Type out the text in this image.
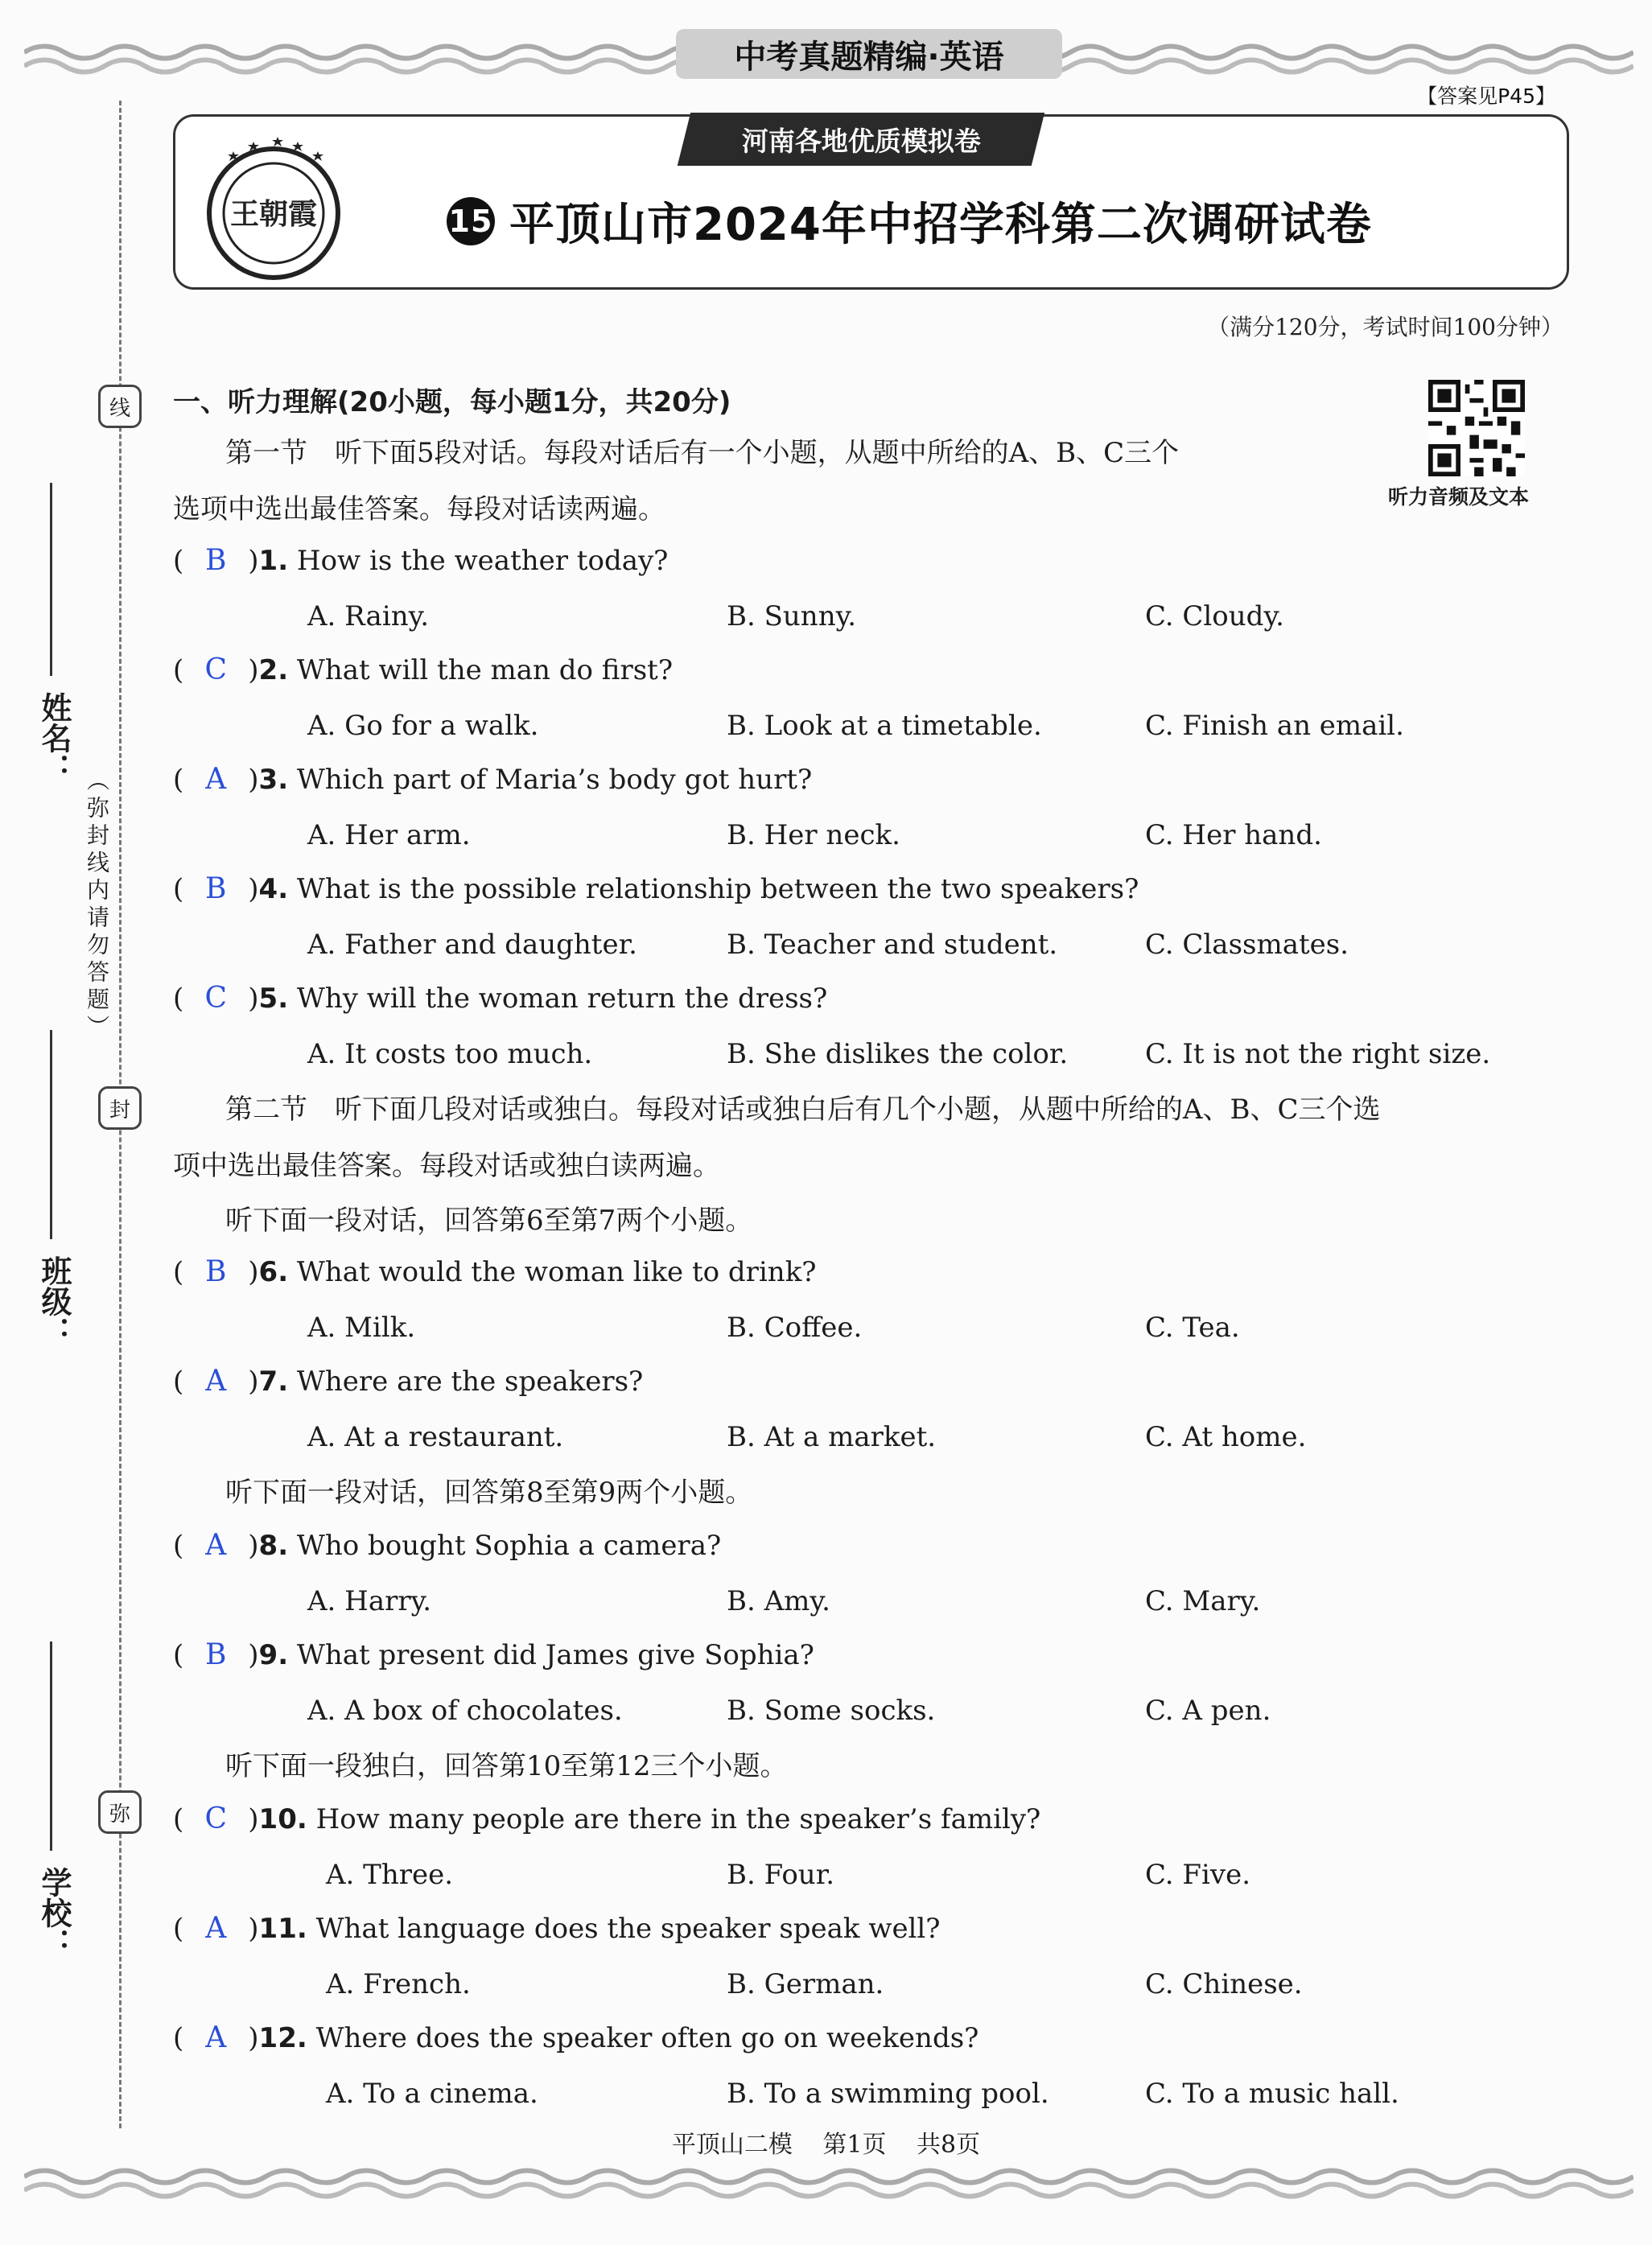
中考真题精编·英语
【答案见P45】
河南各地优质模拟卷
王朝霞	15 平顶山市2024年中招学科第二次调研试卷
（满分120分，考试时间100分钟）
听力音频及文本
线
封
弥
（弥封线内请勿答题）
姓名：
班级：
学校：
一、听力理解(20小题，每小题1分，共20分)
第一节　听下面5段对话。每段对话后有一个小题，从题中所给的A、B、C三个
选项中选出最佳答案。每段对话读两遍。
( B )1. How is the weather today?
A. Rainy.	B. Sunny.	C. Cloudy.
( C )2. What will the man do first?
A. Go for a walk.	B. Look at a timetable.	C. Finish an email.
( A )3. Which part of Maria’s body got hurt?
A. Her arm.	B. Her neck.	C. Her hand.
( B )4. What is the possible relationship between the two speakers?
A. Father and daughter.	B. Teacher and student.	C. Classmates.
( C )5. Why will the woman return the dress?
A. It costs too much.	B. She dislikes the color.	C. It is not the right size.
第二节　听下面几段对话或独白。每段对话或独白后有几个小题，从题中所给的A、B、C三个选
项中选出最佳答案。每段对话或独白读两遍。
听下面一段对话，回答第6至第7两个小题。
( B )6. What would the woman like to drink?
A. Milk.	B. Coffee.	C. Tea.
( A )7. Where are the speakers?
A. At a restaurant.	B. At a market.	C. At home.
听下面一段对话，回答第8至第9两个小题。
( A )8. Who bought Sophia a camera?
A. Harry.	B. Amy.	C. Mary.
( B )9. What present did James give Sophia?
A. A box of chocolates.	B. Some socks.	C. A pen.
听下面一段独白，回答第10至第12三个小题。
( C )10. How many people are there in the speaker’s family?
A. Three.	B. Four.	C. Five.
( A )11. What language does the speaker speak well?
A. French.	B. German.	C. Chinese.
( A )12. Where does the speaker often go on weekends?
A. To a cinema.	B. To a swimming pool.	C. To a music hall.
平顶山二模 第1页 共8页
